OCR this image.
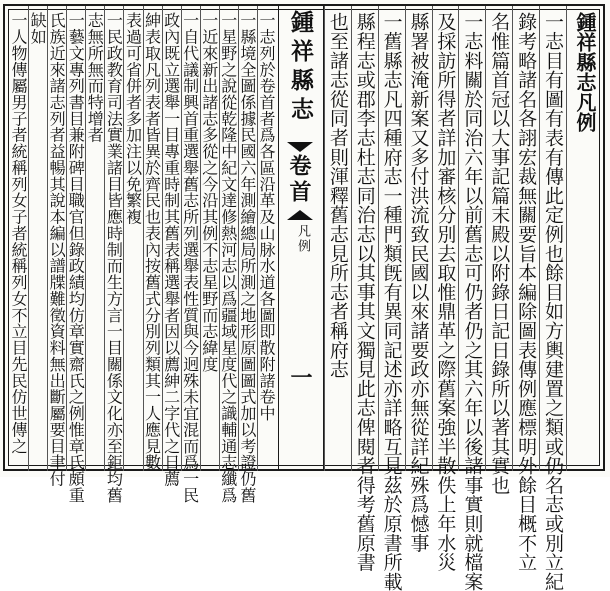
鍾祥縣志凡例
一志目有圖有表有傳此定例也餘目如方輿建置之類或仍名志或別立紀
錄考略諸名各詡宏裁無關要旨本編除圖表傳例應標明外餘目概不立
名惟篇首冠以大事記篇末殿以附錄日記日錄所以著其實也
一志料關於同治六年以前舊志可仍者仍之其六年以後諸事實則就檔案
及採訪所得者詳加審核分別去取惟鼎革之際舊案強半散佚上年水災
縣署被淹新案又多付洪流致民國以來諸要政亦無從詳紀殊爲憾事
一舊縣志凡四種府志一種門類旣有異同記述亦詳略互見茲於原書所載
縣程志或郡李志杜志同治志以其事其文獨見此志俾閱者得考舊原書
鍾祥縣志
卷首
凡例
一
一志列於卷首者爲各區沿革及山脉水道各圖即散附諸卷中
一縣境全圖係據民國六年測繪總局所測之地形原圖圖式加以考證仍舊
一星野之說從乾隆中紀文達修熱河志以爲疆域星度代之識輔通志纖爲
一近來新出諸志多從之今沿其例不志星野而志緯度
一自代議制興首重選舉舊志所列選舉表性質與今迥殊未宜混而爲一民
政內既立選舉一目專重時制其舊表稱選舉者因以薦紳二字代之日薦
紳表取凡列表者皆異於齊民也表內按舊式分別列類其一人應見數
表過可省併者多加注以免繁複
一民政教育司法實業諸目皆應時制而生方言一目關係文化亦至鉅均舊
志無所無而特增者	也至諸志從同者則渾釋舊志見所志者稱府志
一藝文專列書目兼附碑目職官但錄政績均仿章實齋氏之例惟章氏頗重
氏族近來諸志列者益暢其說本編以譜牒難徵資料無出斷屬要目聿付
缺如
一人物傳屬男子者統稱列女子者統稱列女不立目先民仿世傳之
